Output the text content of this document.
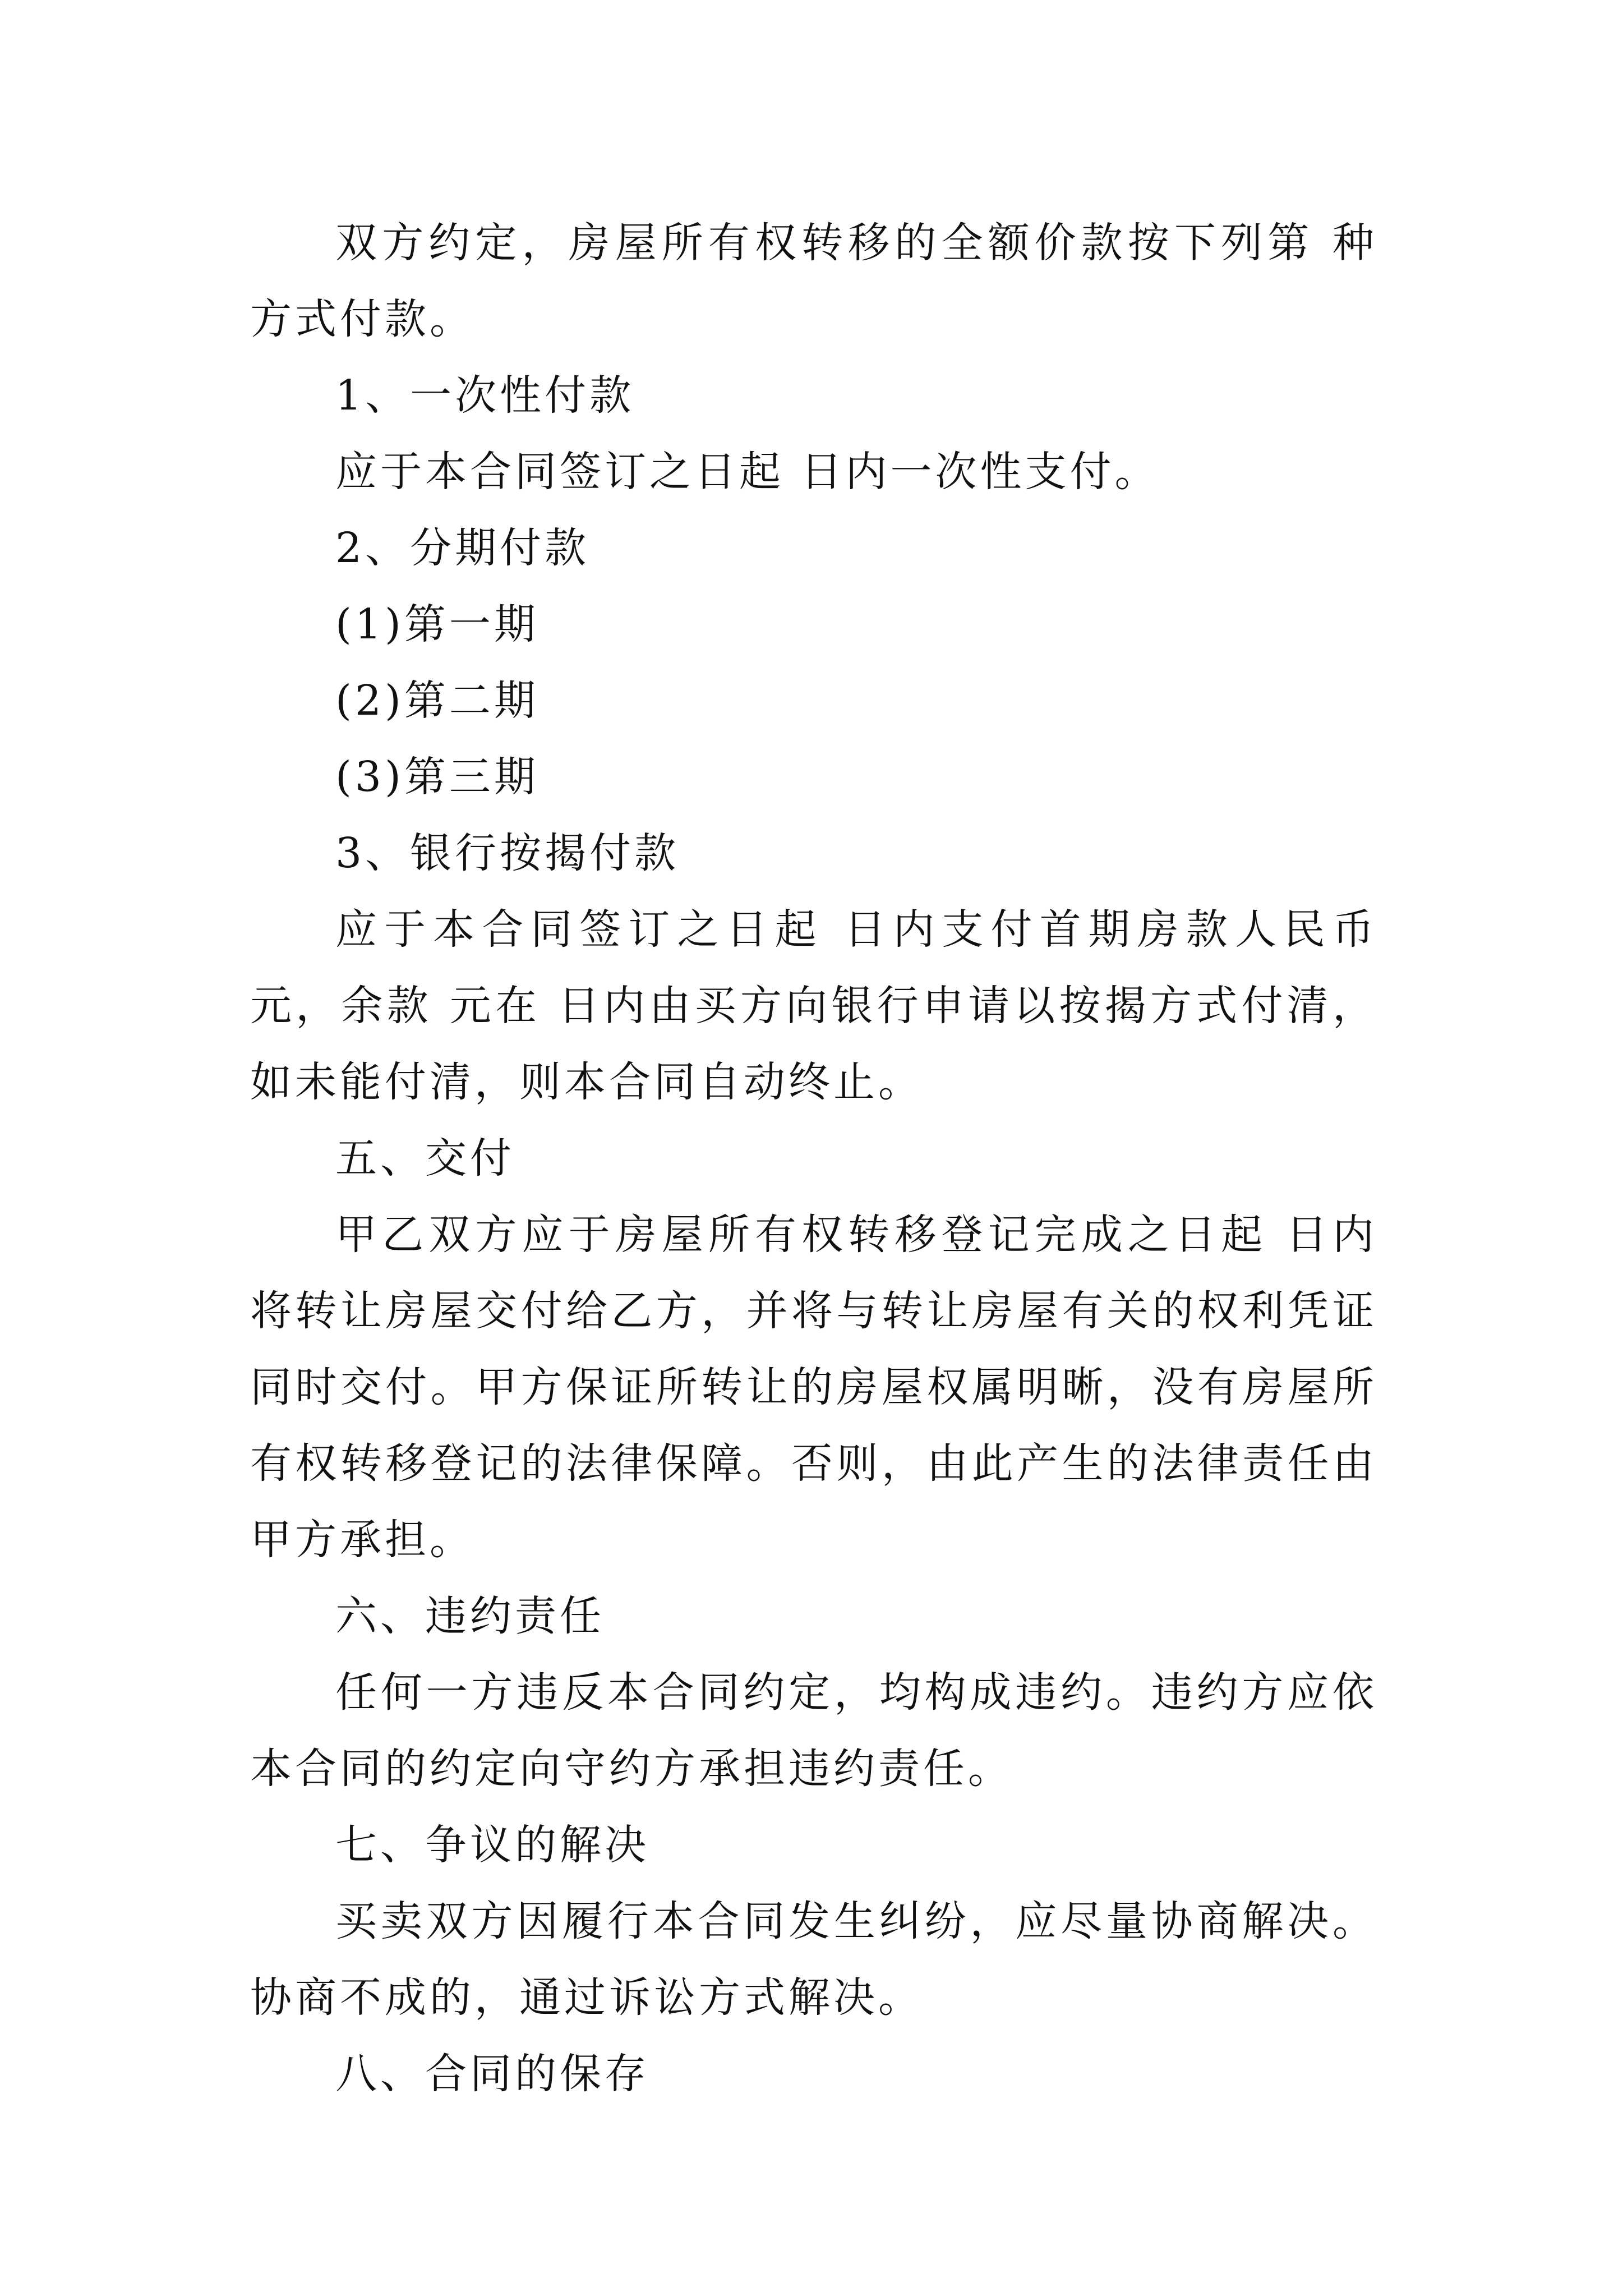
双方约定，房屋所有权转移的全额价款按下列第 种方式付款。

1、一次性付款

应于本合同签订之日起 日内一次性支付。

2、分期付款

(1)第一期

(2)第二期

(3)第三期

3、银行按揭付款

应于本合同签订之日起 日内支付首期房款人民币 元，余款 元在 日内由买方向银行申请以按揭方式付清，如未能付清，则本合同自动终止。

五、交付

甲乙双方应于房屋所有权转移登记完成之日起 日内将转让房屋交付给乙方，并将与转让房屋有关的权利凭证同时交付。甲方保证所转让的房屋权属明晰，没有房屋所有权转移登记的法律保障。否则，由此产生的法律责任由甲方承担。

六、违约责任

任何一方违反本合同约定，均构成违约。违约方应依本合同的约定向守约方承担违约责任。

七、争议的解决

买卖双方因履行本合同发生纠纷，应尽量协商解决。协商不成的，通过诉讼方式解决。

八、合同的保存
